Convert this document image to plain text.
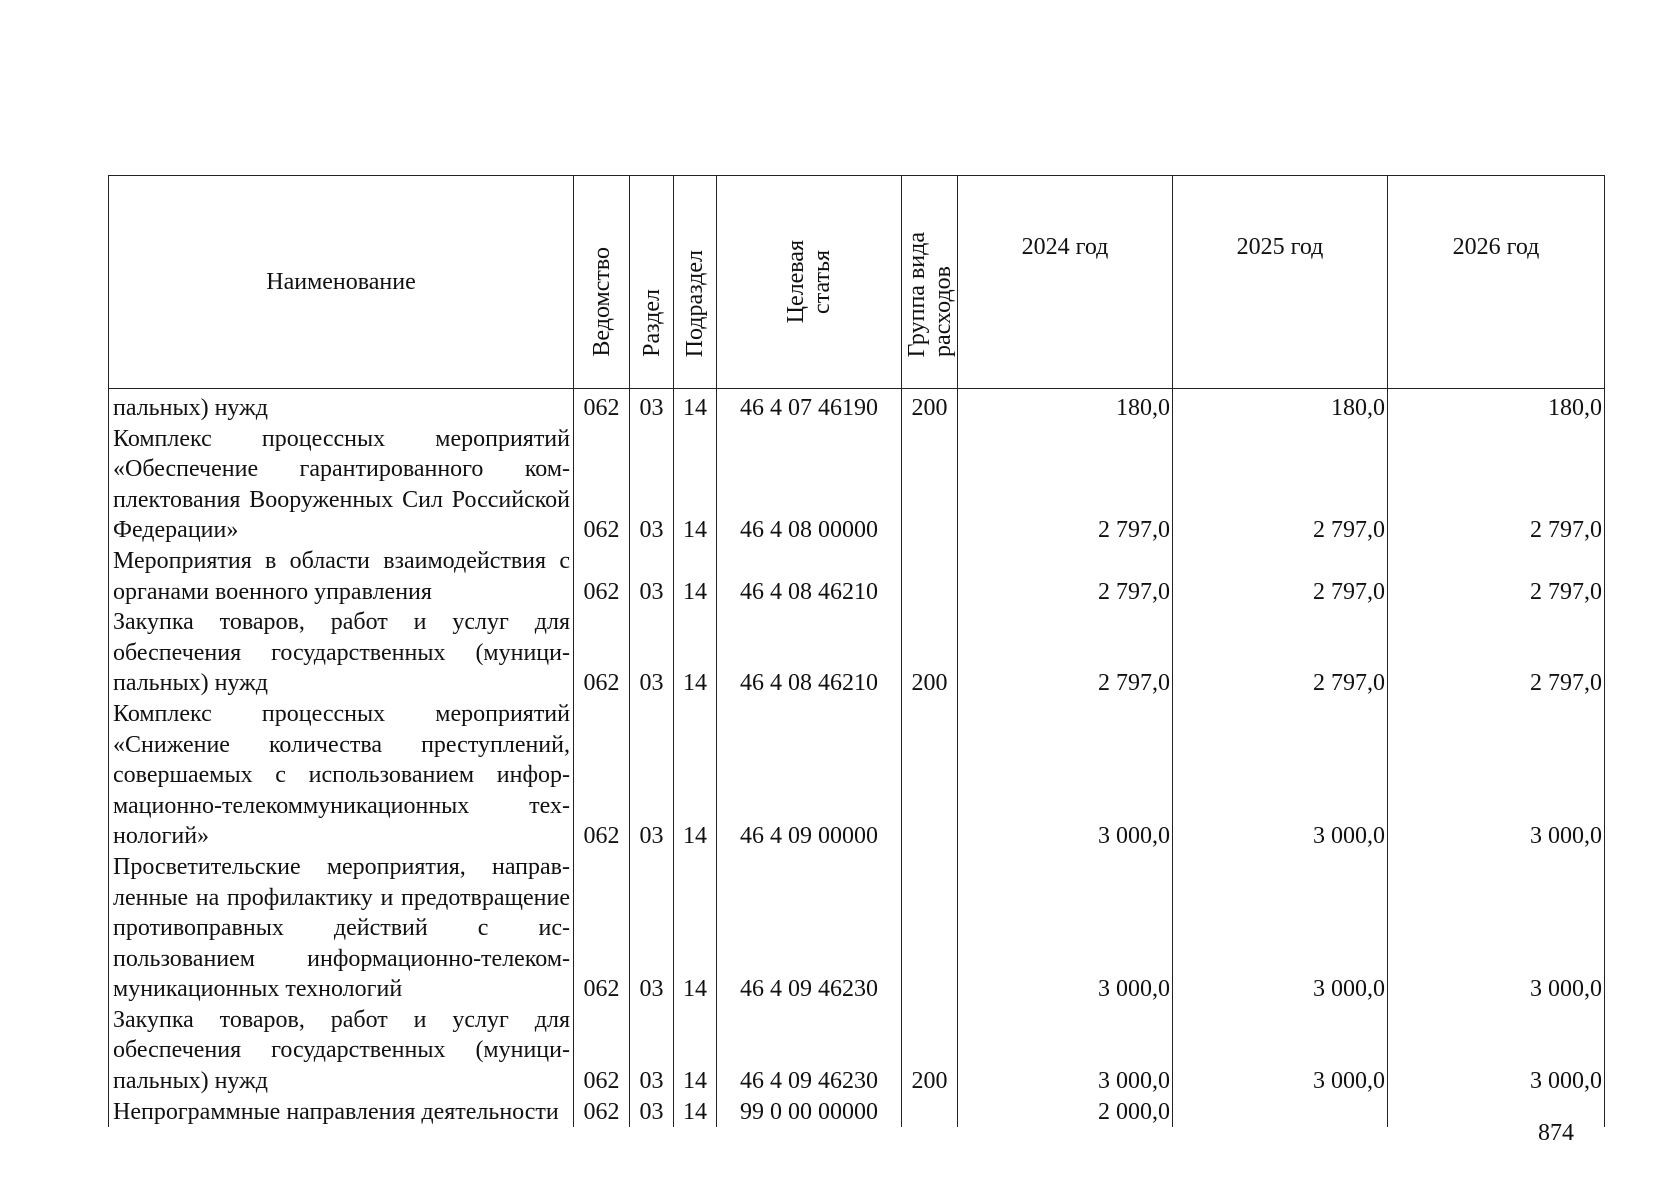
Наименование	Ведомство	Раздел	Подраздел	Целевая статья	Группа вида расходов	2024 год	2025 год	2026 год
пальных) нужд	062	03	14	46 4 07 46190	200	180,0	180,0	180,0
Комплекс процессных мероприятий «Обеспечение гарантированного комплектования Вооруженных Сил Российской Федерации»	062	03	14	46 4 08 00000		2 797,0	2 797,0	2 797,0
Мероприятия в области взаимодействия с органами военного управления	062	03	14	46 4 08 46210		2 797,0	2 797,0	2 797,0
Закупка товаров, работ и услуг для обеспечения государственных (муниципальных) нужд	062	03	14	46 4 08 46210	200	2 797,0	2 797,0	2 797,0
Комплекс процессных мероприятий «Снижение количества преступлений, совершаемых с использованием информационно-телекоммуникационных технологий»	062	03	14	46 4 09 00000		3 000,0	3 000,0	3 000,0
Просветительские мероприятия, направленные на профилактику и предотвращение противоправных действий с использованием информационно-телекоммуникационных технологий	062	03	14	46 4 09 46230		3 000,0	3 000,0	3 000,0
Закупка товаров, работ и услуг для обеспечения государственных (муниципальных) нужд	062	03	14	46 4 09 46230	200	3 000,0	3 000,0	3 000,0
Непрограммные направления деятельности	062	03	14	99 0 00 00000		2 000,0		
874
